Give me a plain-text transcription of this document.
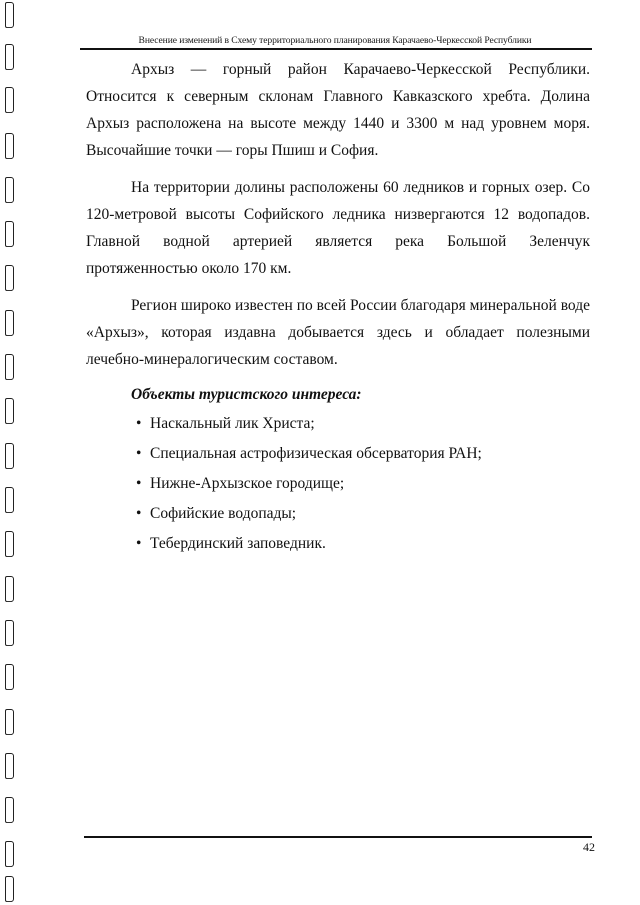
Внесение изменений в Схему территориального планирования Карачаево-Черкесской Республики

Архыз — горный район Карачаево-Черкесской Республики. Относится к северным склонам Главного Кавказского хребта. Долина Архыз расположена на высоте между 1440 и 3300 м над уровнем моря. Высочайшие точки — горы Пшиш и София.

На территории долины расположены 60 ледников и горных озер. Со 120-метровой высоты Софийского ледника низвергаются 12 водопадов. Главной водной артерией является река Большой Зеленчук протяженностью около 170 км.

Регион широко известен по всей России благодаря минеральной воде «Архыз», которая издавна добывается здесь и обладает полезными лечебно-минералогическим составом.

Объекты туристского интереса:
• Наскальный лик Христа;
• Специальная астрофизическая обсерватория РАН;
• Нижне-Архызское городище;
• Софийские водопады;
• Тебердинский заповедник.
42
